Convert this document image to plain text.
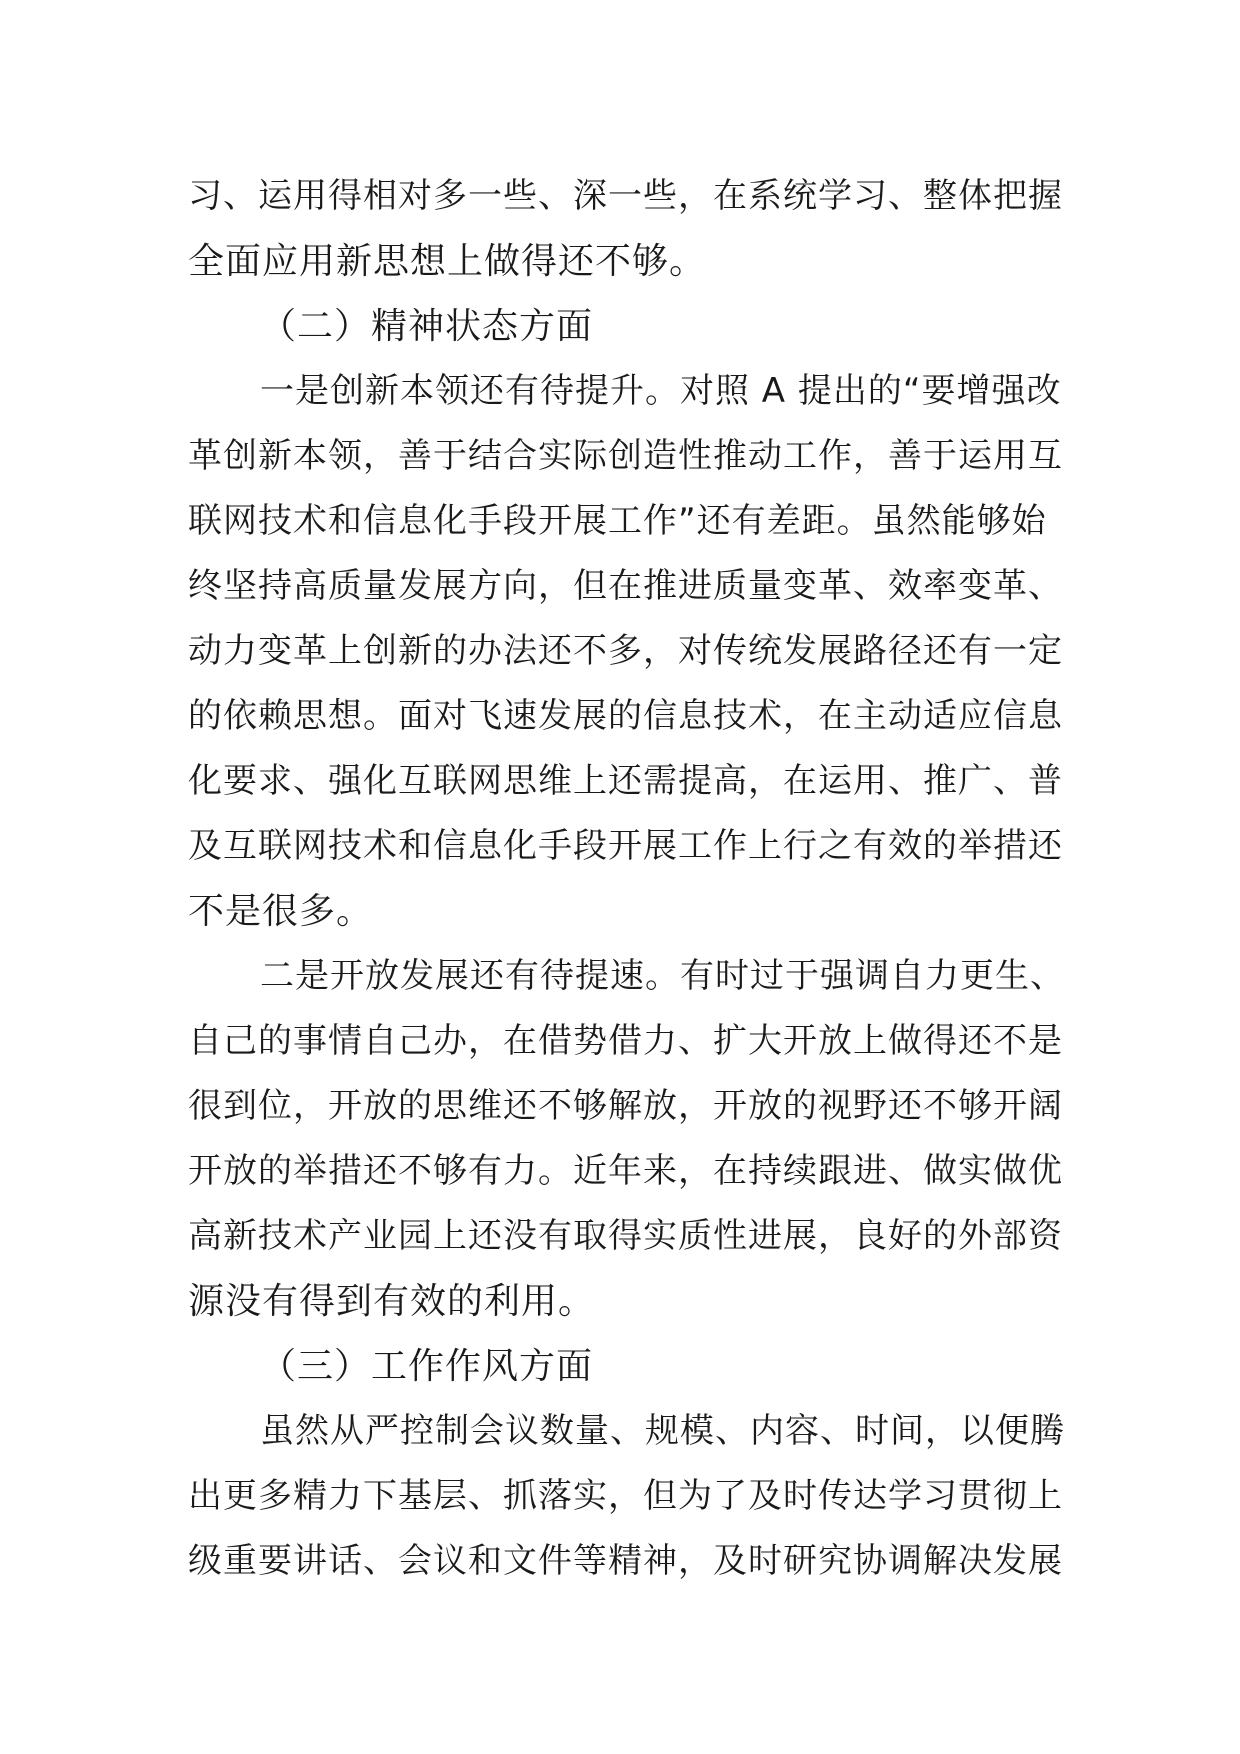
习、运用得相对多一些、深一些，在系统学习、整体把握

全面应用新思想上做得还不够。

（二）精神状态方面

一是创新本领还有待提升。对照 A 提出的“要增强改

革创新本领，善于结合实际创造性推动工作，善于运用互

联网技术和信息化手段开展工作”还有差距。虽然能够始

终坚持高质量发展方向，但在推进质量变革、效率变革、

动力变革上创新的办法还不多，对传统发展路径还有一定

的依赖思想。面对飞速发展的信息技术，在主动适应信息

化要求、强化互联网思维上还需提高，在运用、推广、普

及互联网技术和信息化手段开展工作上行之有效的举措还

不是很多。

二是开放发展还有待提速。有时过于强调自力更生、

自己的事情自己办，在借势借力、扩大开放上做得还不是

很到位，开放的思维还不够解放，开放的视野还不够开阔

开放的举措还不够有力。近年来，在持续跟进、做实做优

高新技术产业园上还没有取得实质性进展，良好的外部资

源没有得到有效的利用。

（三）工作作风方面

虽然从严控制会议数量、规模、内容、时间，以便腾

出更多精力下基层、抓落实，但为了及时传达学习贯彻上

级重要讲话、会议和文件等精神，及时研究协调解决发展
